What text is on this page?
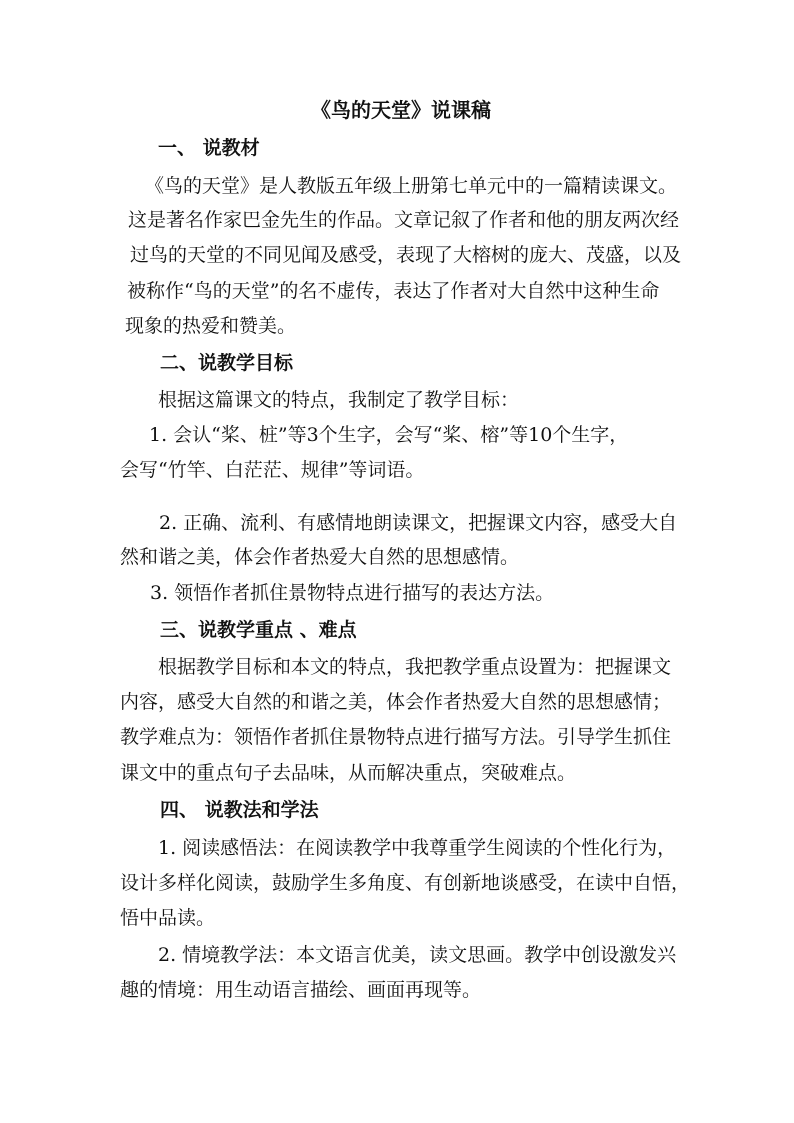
《鸟的天堂》说课稿
一、 说教材
《鸟的天堂》是人教版五年级上册第七单元中的一篇精读课文。
这是著名作家巴金先生的作品。文章记叙了作者和他的朋友两次经
过鸟的天堂的不同见闻及感受，表现了大榕树的庞大、茂盛，以及
被称作“鸟的天堂”的名不虚传，表达了作者对大自然中这种生命
现象的热爱和赞美。
二、说教学目标
根据这篇课文的特点，我制定了教学目标：
1. 会认“桨、桩”等3个生字，会写“桨、榕”等10个生字，
会写“竹竿、白茫茫、规律”等词语。
2. 正确、流利、有感情地朗读课文，把握课文内容，感受大自
然和谐之美，体会作者热爱大自然的思想感情。
3. 领悟作者抓住景物特点进行描写的表达方法。
三、说教学重点 、难点
根据教学目标和本文的特点，我把教学重点设置为：把握课文
内容，感受大自然的和谐之美，体会作者热爱大自然的思想感情；
教学难点为：领悟作者抓住景物特点进行描写方法。引导学生抓住
课文中的重点句子去品味，从而解决重点，突破难点。
四、 说教法和学法
1. 阅读感悟法：在阅读教学中我尊重学生阅读的个性化行为，
设计多样化阅读，鼓励学生多角度、有创新地谈感受，在读中自悟，
悟中品读。
2. 情境教学法：本文语言优美，读文思画。教学中创设激发兴
趣的情境：用生动语言描绘、画面再现等。
